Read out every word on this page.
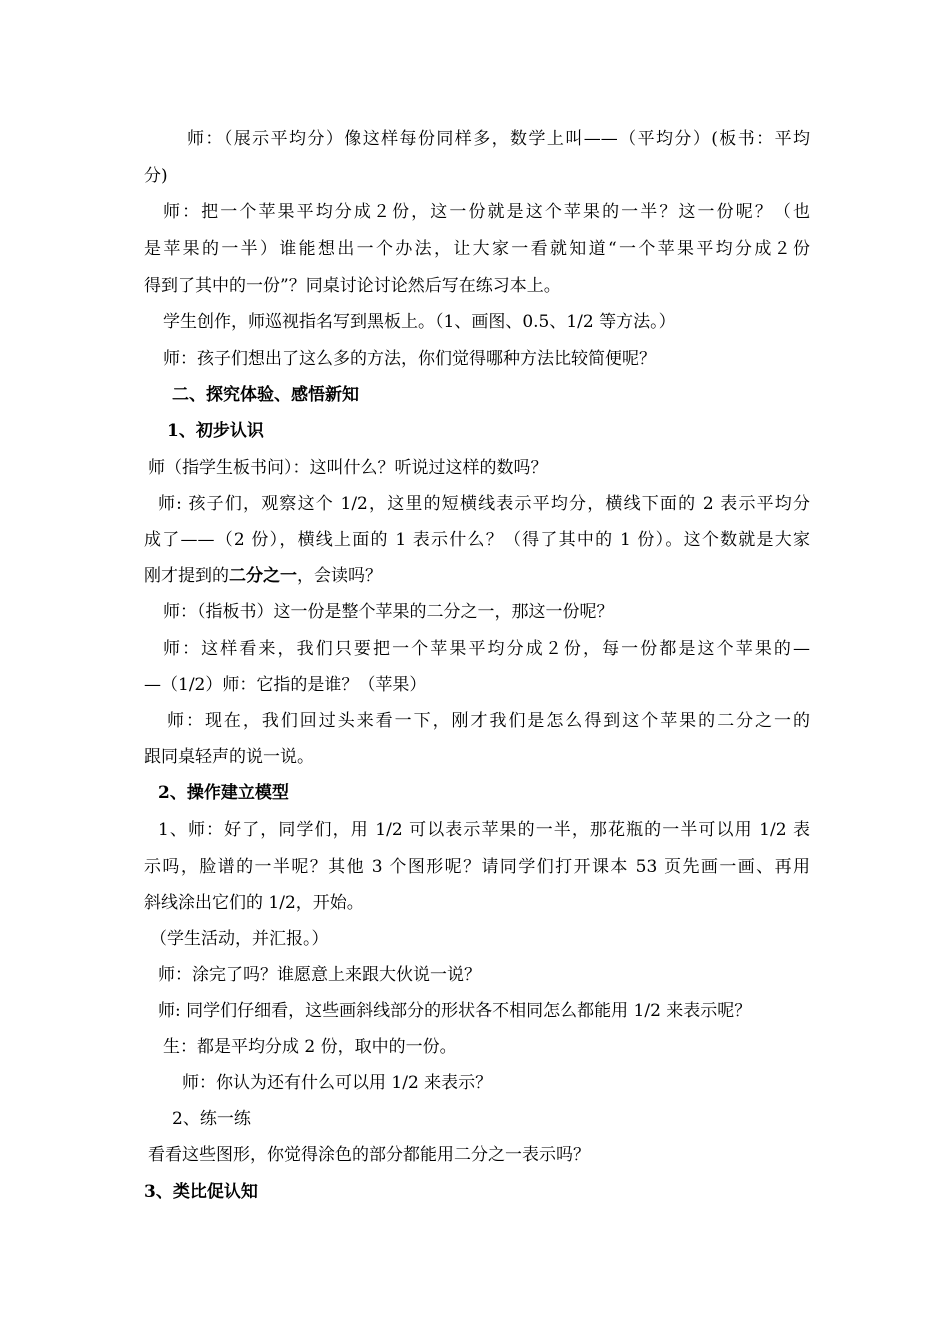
师：（展示平均分）像这样每份同样多，数学上叫——（平均分）(板书：平均
分)
师：把一个苹果平均分成２份，这一份就是这个苹果的一半？这一份呢？（也
是苹果的一半）谁能想出一个办法，让大家一看就知道“一个苹果平均分成２份
得到了其中的一份”？同桌讨论讨论然后写在练习本上。
学生创作，师巡视指名写到黑板上。（1、画图、0.5、1/2 等方法。）
师：孩子们想出了这么多的方法，你们觉得哪种方法比较简便呢？
二、探究体验、感悟新知
1、初步认识
师（指学生板书问）：这叫什么？听说过这样的数吗？
师: 孩子们，观察这个 1/2，这里的短横线表示平均分，横线下面的 2 表示平均分
成了——（2 份），横线上面的 1 表示什么？（得了其中的 1 份）。这个数就是大家
刚才提到的二分之一，会读吗？
师：（指板书）这一份是整个苹果的二分之一，那这一份呢？
师：这样看来，我们只要把一个苹果平均分成２份，每一份都是这个苹果的—
—（1/2）师：它指的是谁？（苹果）
师：现在，我们回过头来看一下，刚才我们是怎么得到这个苹果的二分之一的
跟同桌轻声的说一说。
2、操作建立模型
1、师：好了，同学们，用 1/2 可以表示苹果的一半，那花瓶的一半可以用 1/2 表
示吗，脸谱的一半呢？其他 3 个图形呢？请同学们打开课本 53 页先画一画、再用
斜线涂出它们的 1/2，开始。
（学生活动，并汇报。）
师：涂完了吗？谁愿意上来跟大伙说一说？
师: 同学们仔细看，这些画斜线部分的形状各不相同怎么都能用 1/2 来表示呢？
生：都是平均分成 2 份，取中的一份。
师：你认为还有什么可以用 1/2 来表示？
2、练一练
看看这些图形，你觉得涂色的部分都能用二分之一表示吗？
3、类比促认知
